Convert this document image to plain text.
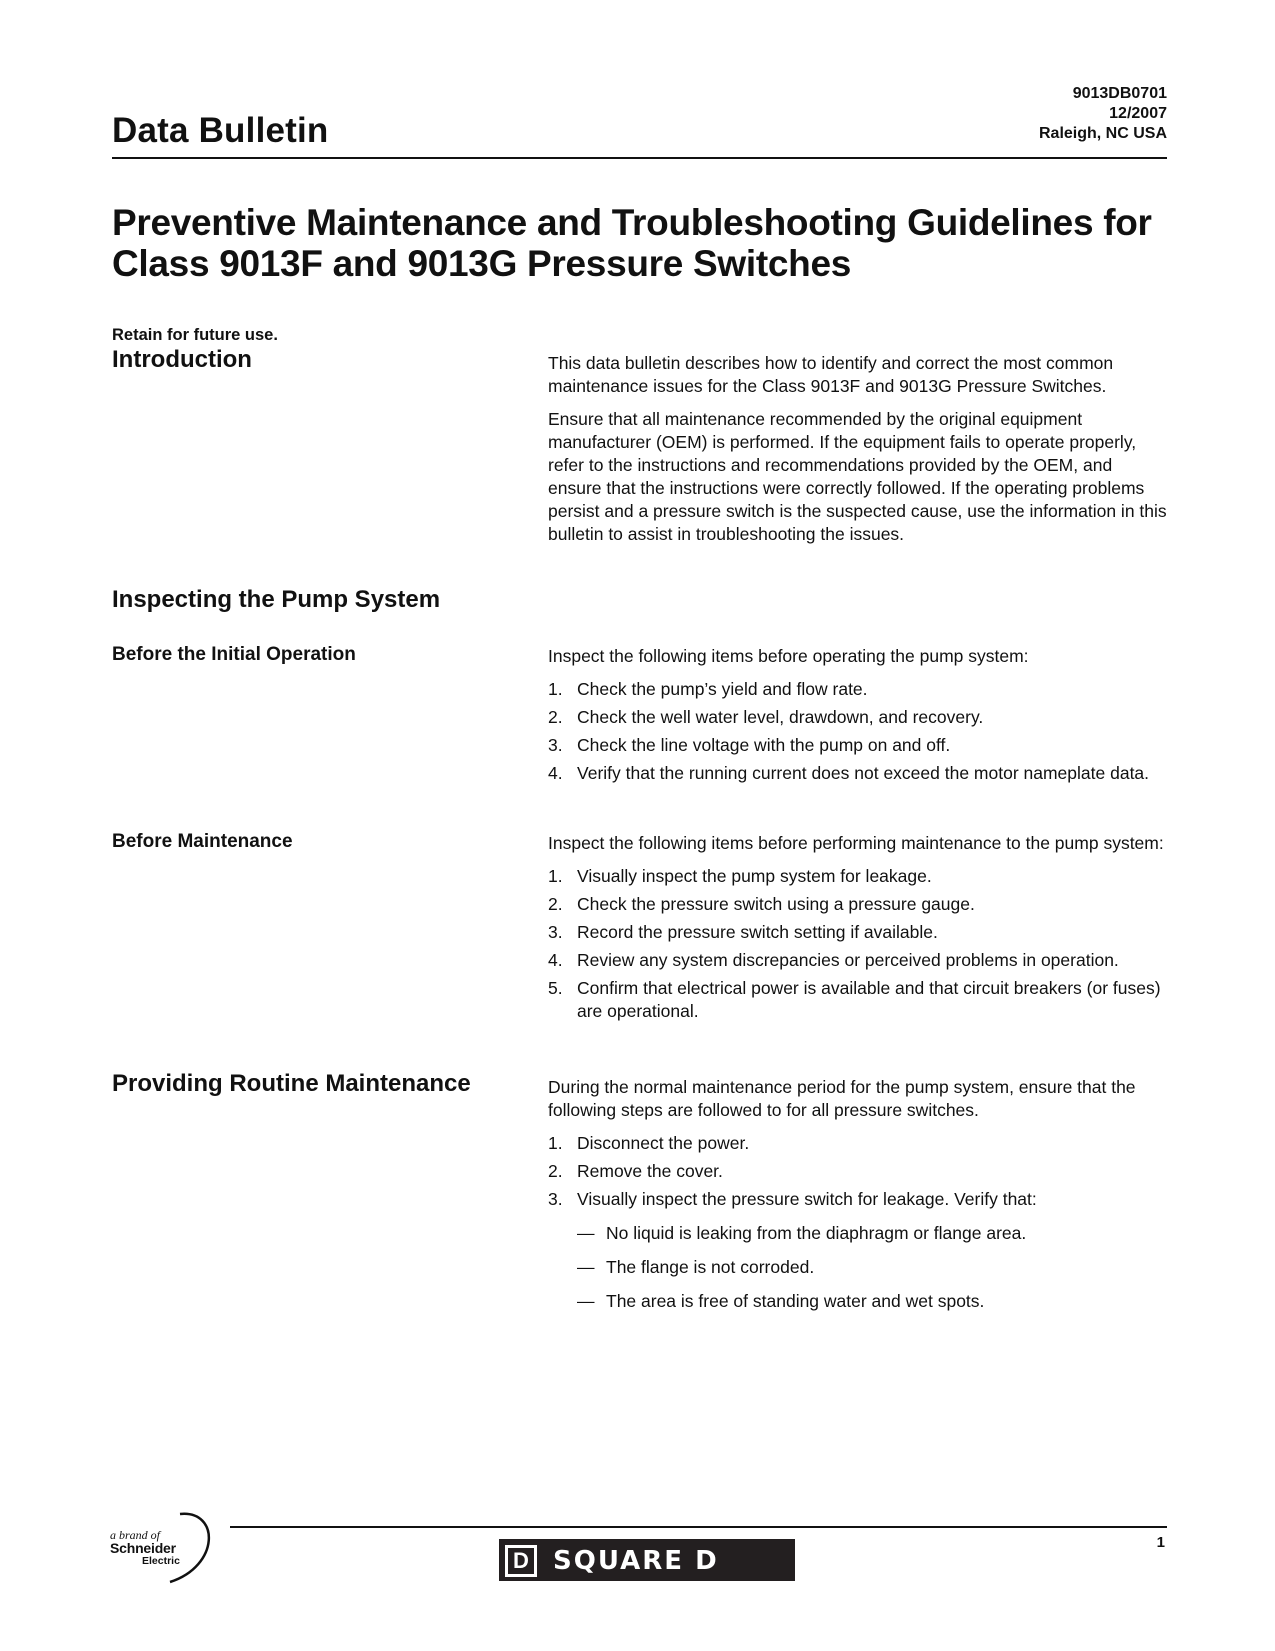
Data Bulletin
9013DB0701
12/2007
Raleigh, NC USA
Preventive Maintenance and Troubleshooting Guidelines for
Class 9013F and 9013G Pressure Switches
Retain for future use.
Introduction	This data bulletin describes how to identify and correct the most common maintenance issues for the Class 9013F and 9013G Pressure Switches.

Ensure that all maintenance recommended by the original equipment manufacturer (OEM) is performed. If the equipment fails to operate properly, refer to the instructions and recommendations provided by the OEM, and ensure that the instructions were correctly followed. If the operating problems persist and a pressure switch is the suspected cause, use the information in this bulletin to assist in troubleshooting the issues.

Inspecting the Pump System
Before the Initial Operation	Inspect the following items before operating the pump system:

1. Check the pump’s yield and flow rate.
2. Check the well water level, drawdown, and recovery.
3. Check the line voltage with the pump on and off.
4. Verify that the running current does not exceed the motor nameplate data.
Before Maintenance	Inspect the following items before performing maintenance to the pump system:

1. Visually inspect the pump system for leakage.
2. Check the pressure switch using a pressure gauge.
3. Record the pressure switch setting if available.
4. Review any system discrepancies or perceived problems in operation.
5. Confirm that electrical power is available and that circuit breakers (or fuses) are operational.
Providing Routine Maintenance	During the normal maintenance period for the pump system, ensure that the following steps are followed to for all pressure switches.

1. Disconnect the power.
2. Remove the cover.
3. Visually inspect the pressure switch for leakage. Verify that:
— No liquid is leaking from the diaphragm or flange area.
— The flange is not corroded.
— The area is free of standing water and wet spots.
a brand of
Schneider
Electric
1
D SQUARE D
